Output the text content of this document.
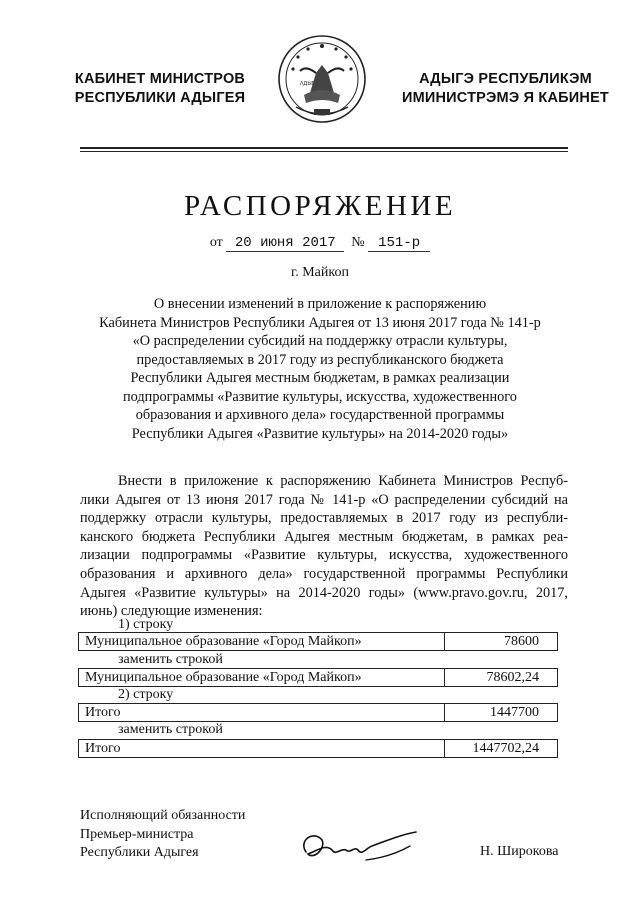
КАБИНЕТ МИНИСТРОВ
РЕСПУБЛИКИ АДЫГЕЯ
ΛДЫГ	АДЫГЭ РЕСПУБЛИКЭМ
ИМИНИСТРЭМЭ Я КАБИНЕТ
РАСПОРЯЖЕНИЕ
от 20 июня 2017 № 151-р
г. Майкоп
О внесении изменений в приложение к распоряжению
Кабинета Министров Республики Адыгея от 13 июня 2017 года № 141-р
«О распределении субсидий на поддержку отрасли культуры,
предоставляемых в 2017 году из республиканского бюджета
Республики Адыгея местным бюджетам, в рамках реализации
подпрограммы «Развитие культуры, искусства, художественного
образования и архивного дела» государственной программы
Республики Адыгея «Развитие культуры» на 2014-2020 годы»
Внести в приложение к распоряжению Кабинета Министров Респуб-
лики Адыгея от 13 июня 2017 года № 141-р «О распределении субсидий на
поддержку отрасли культуры, предоставляемых в 2017 году из республи-
канского бюджета Республики Адыгея местным бюджетам, в рамках реа-
лизации подпрограммы «Развитие культуры, искусства, художественного
образования и архивного дела» государственной программы Республики
Адыгея «Развитие культуры» на 2014-2020 годы» (www.pravo.gov.ru, 2017,
июнь) следующие изменения:
1) строку
Муниципальное образование «Город Майкоп»	78600
заменить строкой
Муниципальное образование «Город Майкоп»	78602,24
2) строку
Итого	1447700
заменить строкой
Итого	1447702,24
Исполняющий обязанности
Премьер-министра
Республики Адыгея	Н. Широкова
